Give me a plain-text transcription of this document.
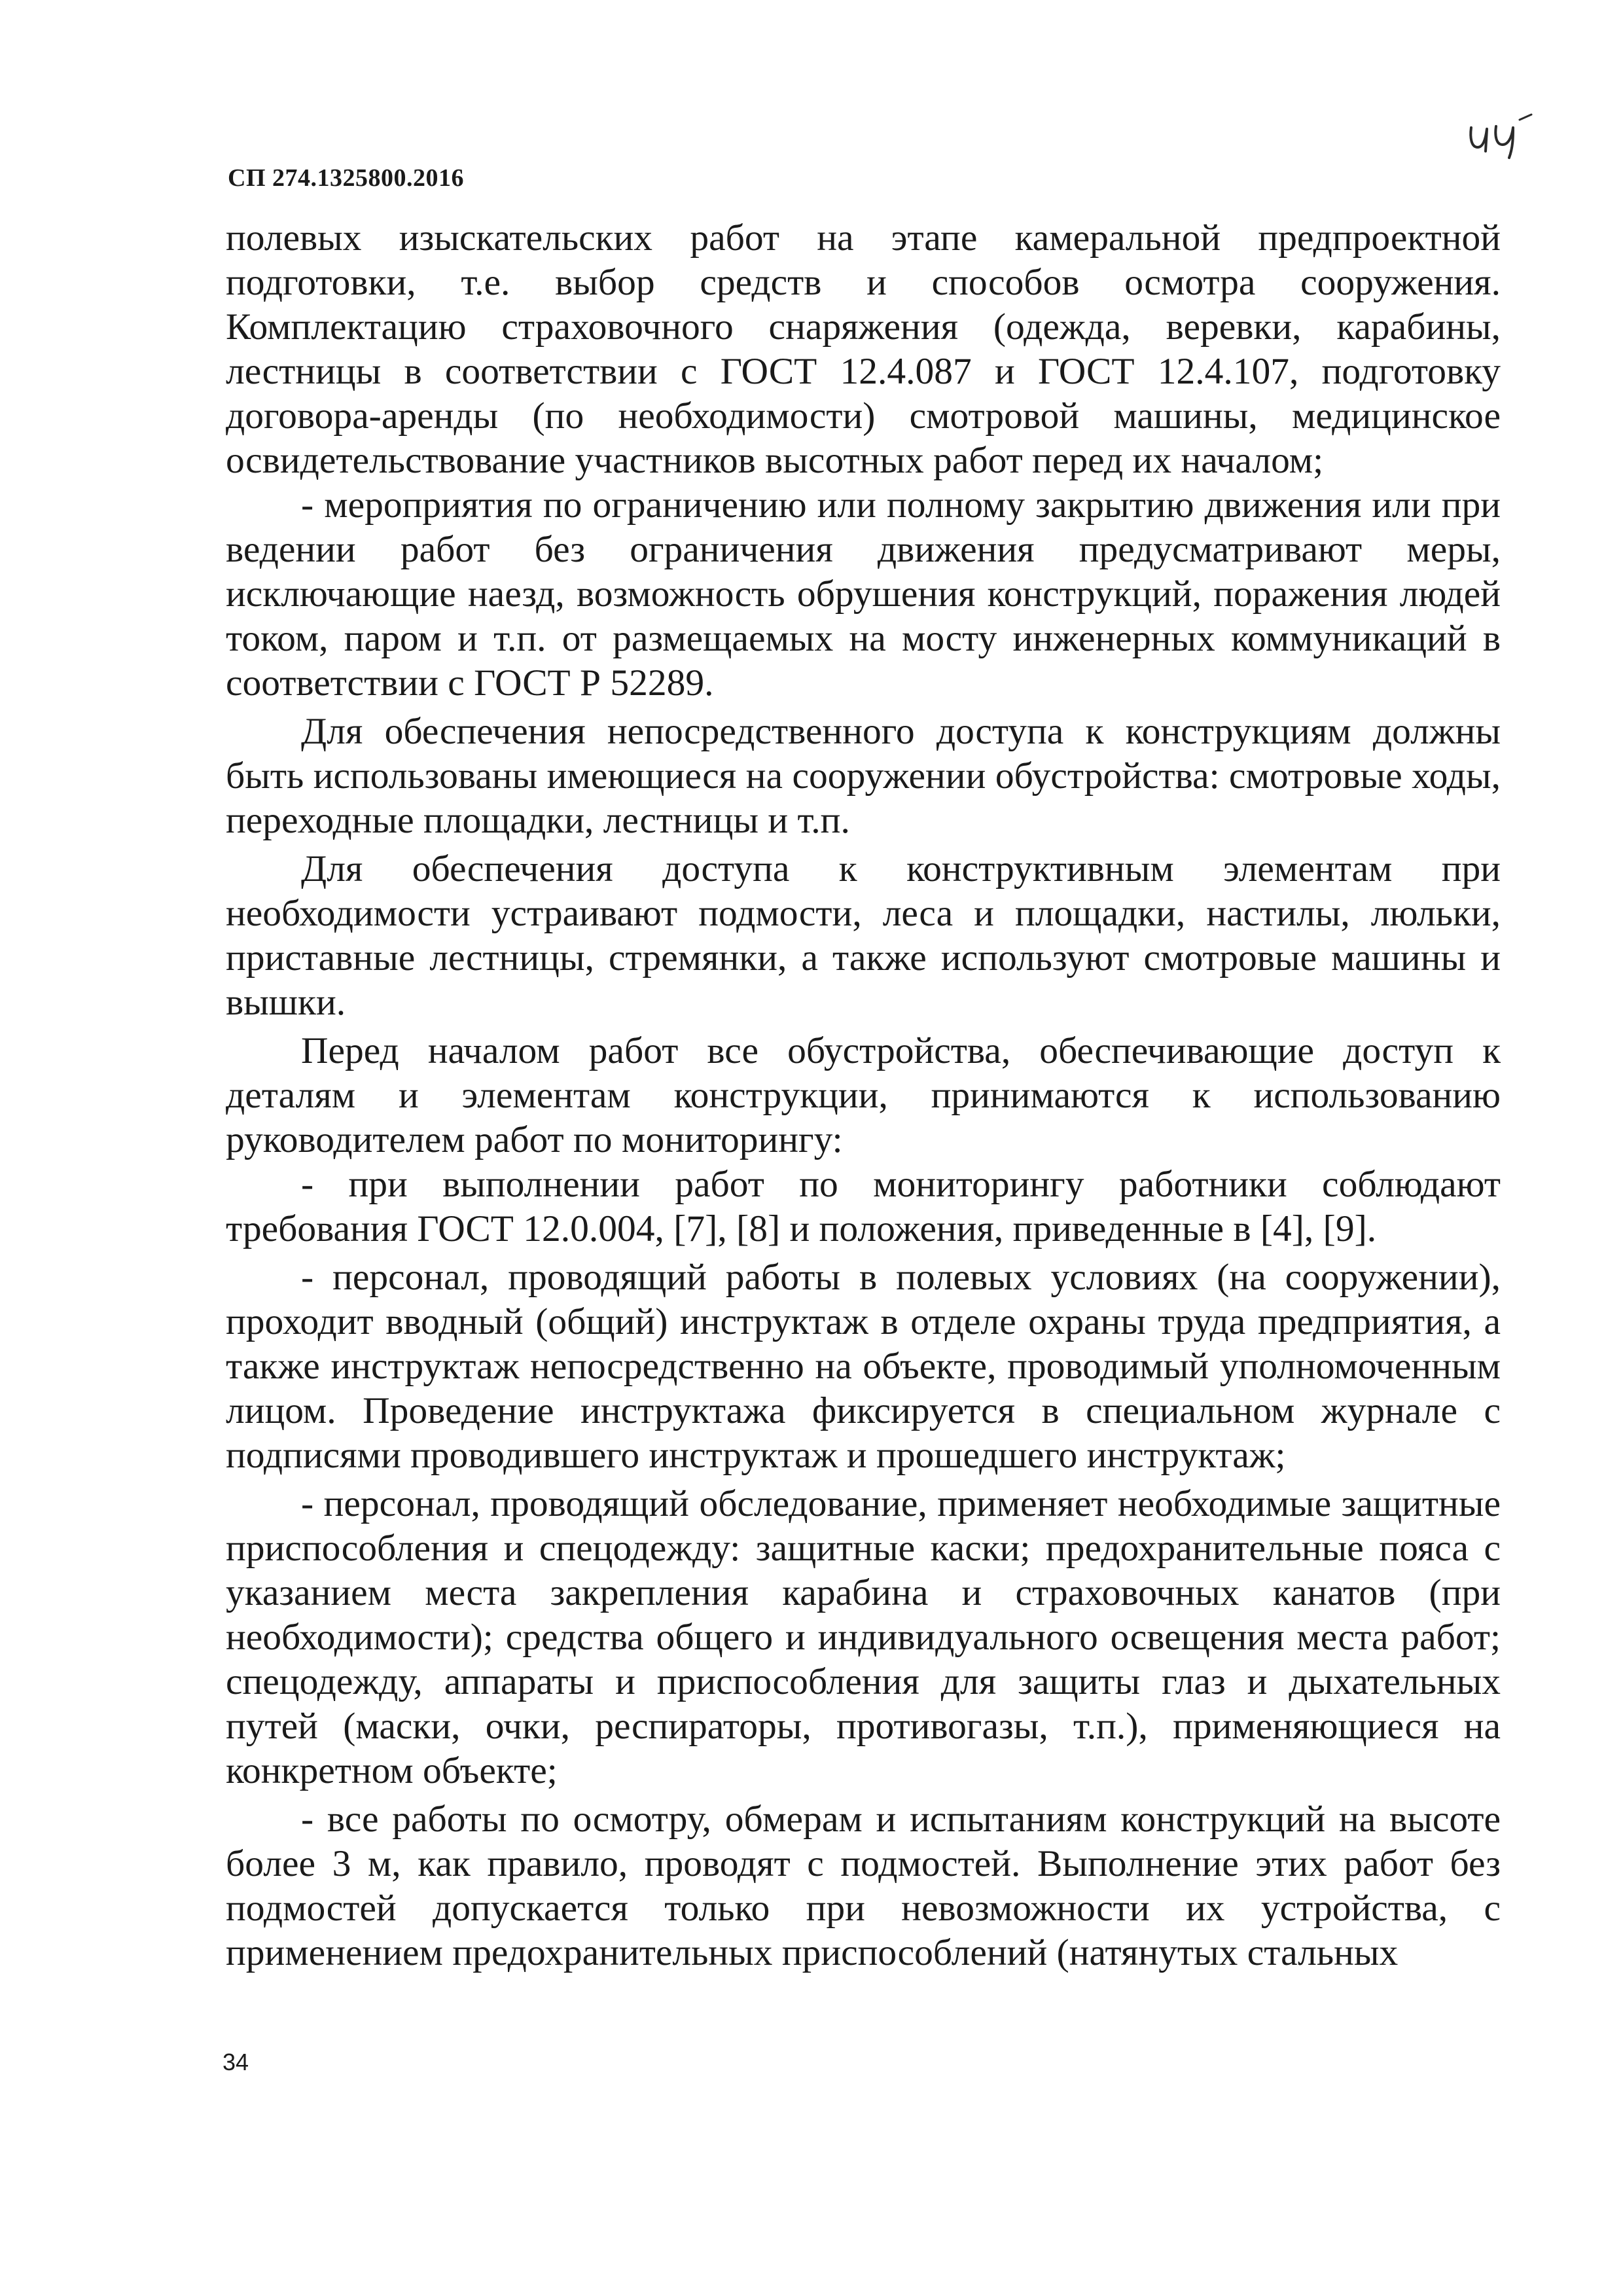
СП 274.1325800.2016

полевых изыскательских работ на этапе камеральной предпроектной подготовки, т.е. выбор средств и способов осмотра сооружения. Комплектацию страховочного снаряжения (одежда, веревки, карабины, лестницы в соответствии с ГОСТ 12.4.087 и ГОСТ 12.4.107, подготовку договора-аренды (по необходимости) смотровой машины, медицинское освидетельствование участников высотных работ перед их началом;

- мероприятия по ограничению или полному закрытию движения или при ведении работ без ограничения движения предусматривают меры, исключающие наезд, возможность обрушения конструкций, поражения людей током, паром и т.п. от размещаемых на мосту инженерных коммуникаций в соответствии с ГОСТ Р 52289.

Для обеспечения непосредственного доступа к конструкциям должны быть использованы имеющиеся на сооружении обустройства: смотровые ходы, переходные площадки, лестницы и т.п.

Для обеспечения доступа к конструктивным элементам при необходимости устраивают подмости, леса и площадки, настилы, люльки, приставные лестницы, стремянки, а также используют смотровые машины и вышки.

Перед началом работ все обустройства, обеспечивающие доступ к деталям и элементам конструкции, принимаются к использованию руководителем работ по мониторингу:

- при выполнении работ по мониторингу работники соблюдают требования ГОСТ 12.0.004, [7], [8] и положения, приведенные в [4], [9].

- персонал, проводящий работы в полевых условиях (на сооружении), проходит вводный (общий) инструктаж в отделе охраны труда предприятия, а также инструктаж непосредственно на объекте, проводимый уполномоченным лицом. Проведение инструктажа фиксируется в специальном журнале с подписями проводившего инструктаж и прошедшего инструктаж;

- персонал, проводящий обследование, применяет необходимые защитные приспособления и спецодежду: защитные каски; предохранительные пояса с указанием места закрепления карабина и страховочных канатов (при необходимости); средства общего и индивидуального освещения места работ; спецодежду, аппараты и приспособления для защиты глаз и дыхательных путей (маски, очки, респираторы, противогазы, т.п.), применяющиеся на конкретном объекте;

- все работы по осмотру, обмерам и испытаниям конструкций на высоте более 3 м, как правило, проводят с подмостей. Выполнение этих работ без подмостей допускается только при невозможности их устройства, с применением предохранительных приспособлений (натянутых стальных

34
